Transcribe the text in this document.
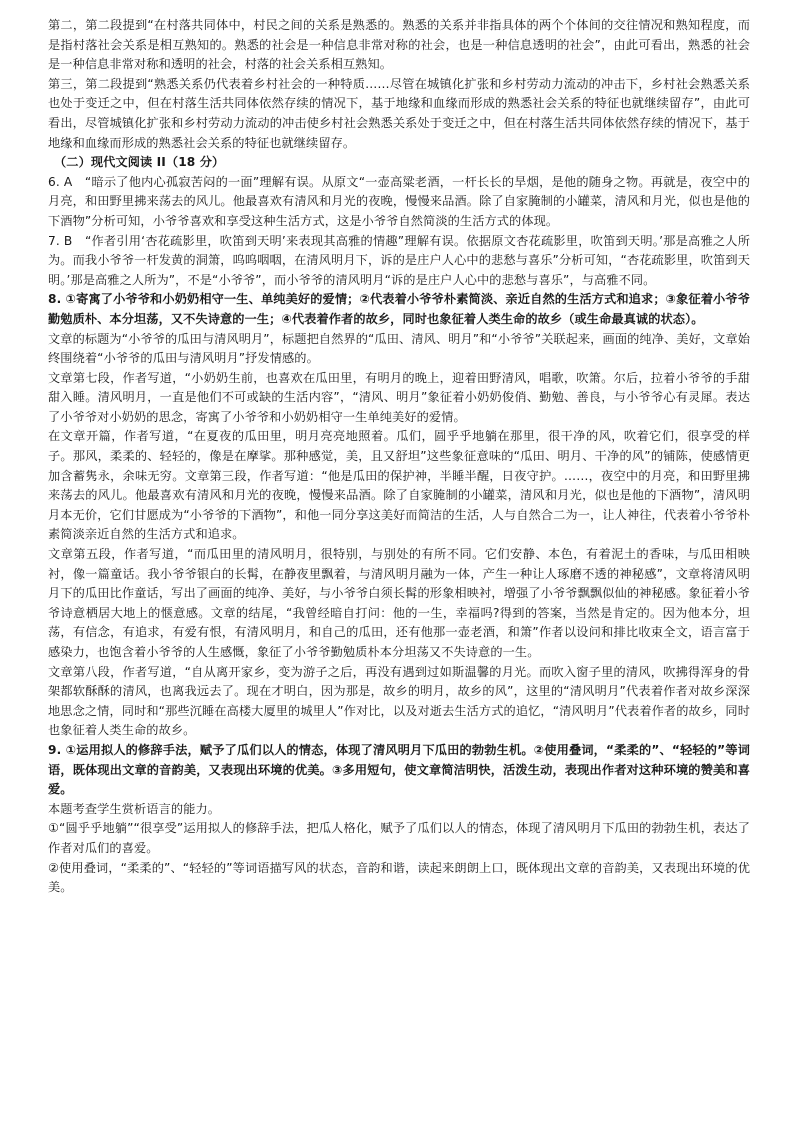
第二，第二段提到“在村落共同体中，村民之间的关系是熟悉的。熟悉的关系并非指具体的两个个体间的交往情况和熟知程度，而是指村落社会关系是相互熟知的。熟悉的社会是一种信息非常对称的社会，也是一种信息透明的社会”，由此可看出，熟悉的社会是一种信息非常对称和透明的社会，村落的社会关系相互熟知。

第三，第二段提到“熟悉关系仍代表着乡村社会的一种特质……尽管在城镇化扩张和乡村劳动力流动的冲击下，乡村社会熟悉关系也处于变迁之中，但在村落生活共同体依然存续的情况下，基于地缘和血缘而形成的熟悉社会关系的特征也就继续留存”，由此可看出，尽管城镇化扩张和乡村劳动力流动的冲击使乡村社会熟悉关系处于变迁之中，但在村落生活共同体依然存续的情况下，基于地缘和血缘而形成的熟悉社会关系的特征也就继续留存。

（二）现代文阅读 II（18 分）

6. A　“暗示了他内心孤寂苦闷的一面”理解有误。从原文“一壶高粱老酒，一杆长长的旱烟，是他的随身之物。再就是，夜空中的月亮，和田野里拂来荡去的风儿。他最喜欢有清风和月光的夜晚，慢慢来品酒。除了自家腌制的小罐菜，清风和月光，似也是他的下酒物”分析可知，小爷爷喜欢和享受这种生活方式，这是小爷爷自然简淡的生活方式的体现。

7. B　“作者引用‘杏花疏影里，吹笛到天明’来表现其高雅的情趣”理解有误。依据原文杏花疏影里，吹笛到天明。’那是高雅之人所为。而我小爷爷一杆发黄的洞箫，呜呜咽咽，在清风明月下，诉的是庄户人心中的悲愁与喜乐”分析可知，“杏花疏影里，吹笛到天明。’那是高雅之人所为”，不是“小爷爷”，而小爷爷的清风明月“诉的是庄户人心中的悲愁与喜乐”，与高雅不同。

8. ①寄寓了小爷爷和小奶奶相守一生、单纯美好的爱情；②代表着小爷爷朴素简淡、亲近自然的生活方式和追求；③象征着小爷爷勤勉质朴、本分坦荡，又不失诗意的一生；④代表着作者的故乡，同时也象征着人类生命的故乡（或生命最真诚的状态）。

文章的标题为“小爷爷的瓜田与清风明月”，标题把自然界的“瓜田、清风、明月”和“小爷爷”关联起来，画面的纯净、美好，文章始终围绕着“小爷爷的瓜田与清风明月”抒发情感的。

文章第七段，作者写道，“小奶奶生前，也喜欢在瓜田里，有明月的晚上，迎着田野清风，唱歌，吹箫。尔后，拉着小爷爷的手甜甜入睡。清风明月，一直是他们不可或缺的生活内容”，“清风、明月”象征着小奶奶俊俏、勤勉、善良，与小爷爷心有灵犀。表达了小爷爷对小奶奶的思念，寄寓了小爷爷和小奶奶相守一生单纯美好的爱情。

在文章开篇，作者写道，“在夏夜的瓜田里，明月亮亮地照着。瓜们，圆乎乎地躺在那里，很干净的风，吹着它们，很享受的样子。那风，柔柔的、轻轻的，像是在摩挲。那种感觉，美，且又舒坦”这些象征意味的“瓜田、明月、干净的风”的铺陈，使感情更加含蓄隽永，余味无穷。文章第三段，作者写道：“他是瓜田的保护神，半睡半醒，日夜守护。……，夜空中的月亮，和田野里拂来荡去的风儿。他最喜欢有清风和月光的夜晚，慢慢来品酒。除了自家腌制的小罐菜，清风和月光，似也是他的下酒物”，清风明月本无价，它们甘愿成为“小爷爷的下酒物”，和他一同分享这美好而简洁的生活，人与自然合二为一，让人神往，代表着小爷爷朴素简淡亲近自然的生活方式和追求。

文章第五段，作者写道，“而瓜田里的清风明月，很特别，与别处的有所不同。它们安静、本色，有着泥土的香味，与瓜田相映衬，像一篇童话。我小爷爷银白的长髯，在静夜里飘着，与清风明月融为一体，产生一种让人琢磨不透的神秘感”，文章将清风明月下的瓜田比作童话，写出了画面的纯净、美好，与小爷爷白须长髯的形象相映衬，增强了小爷爷飘飘似仙的神秘感。象征着小爷爷诗意栖居大地上的惬意感。文章的结尾，“我曾经暗自打问：他的一生，幸福吗?得到的答案，当然是肯定的。因为他本分，坦荡，有信念，有追求，有爱有恨，有清风明月，和自己的瓜田，还有他那一壶老酒，和箫”作者以设问和排比收束全文，语言富于感染力，也饱含着小爷爷的人生感慨，象征了小爷爷勤勉质朴本分坦荡又不失诗意的一生。

文章第八段，作者写道，“自从离开家乡，变为游子之后，再没有遇到过如斯温馨的月光。而吹入窗子里的清风，吹拂得浑身的骨架都软酥酥的清风，也离我远去了。现在才明白，因为那是，故乡的明月，故乡的风”，这里的“清风明月”代表着作者对故乡深深地思念之情，同时和“那些沉睡在高楼大厦里的城里人”作对比，以及对逝去生活方式的追忆，“清风明月”代表着作者的故乡，同时也象征着人类生命的故乡。

9. ①运用拟人的修辞手法，赋予了瓜们以人的情态，体现了清风明月下瓜田的勃勃生机。②使用叠词，“柔柔的”、“轻轻的”等词语，既体现出文章的音韵美，又表现出环境的优美。③多用短句，使文章简洁明快，活泼生动，表现出作者对这种环境的赞美和喜爱。

本题考查学生赏析语言的能力。

①“圆乎乎地躺”“很享受”运用拟人的修辞手法，把瓜人格化，赋予了瓜们以人的情态，体现了清风明月下瓜田的勃勃生机，表达了作者对瓜们的喜爱。

②使用叠词，“柔柔的”、“轻轻的”等词语描写风的状态，音韵和谐，读起来朗朗上口，既体现出文章的音韵美，又表现出环境的优美。
